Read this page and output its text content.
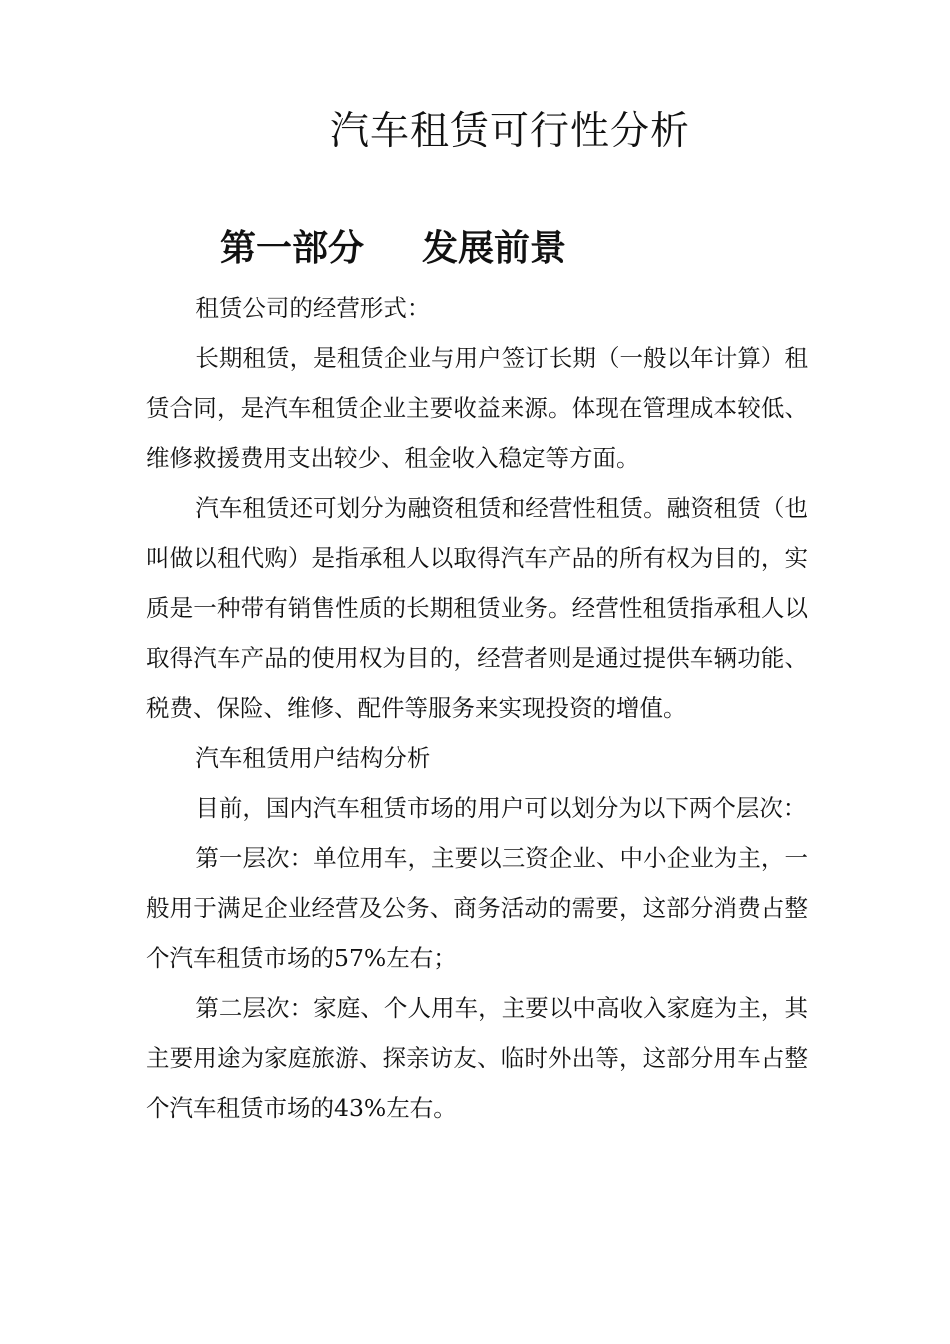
汽车租赁可行性分析
第一部分 发展前景

租赁公司的经营形式：

长期租赁，是租赁企业与用户签订长期（一般以年计算）租赁合同，是汽车租赁企业主要收益来源。体现在管理成本较低、维修救援费用支出较少、租金收入稳定等方面。

汽车租赁还可划分为融资租赁和经营性租赁。融资租赁（也叫做以租代购）是指承租人以取得汽车产品的所有权为目的，实质是一种带有销售性质的长期租赁业务。经营性租赁指承租人以取得汽车产品的使用权为目的，经营者则是通过提供车辆功能、税费、保险、维修、配件等服务来实现投资的增值。

汽车租赁用户结构分析

目前，国内汽车租赁市场的用户可以划分为以下两个层次：

第一层次：单位用车，主要以三资企业、中小企业为主，一般用于满足企业经营及公务、商务活动的需要，这部分消费占整个汽车租赁市场的57%左右；

第二层次：家庭、个人用车，主要以中高收入家庭为主，其主要用途为家庭旅游、探亲访友、临时外出等，这部分用车占整个汽车租赁市场的43%左右。
